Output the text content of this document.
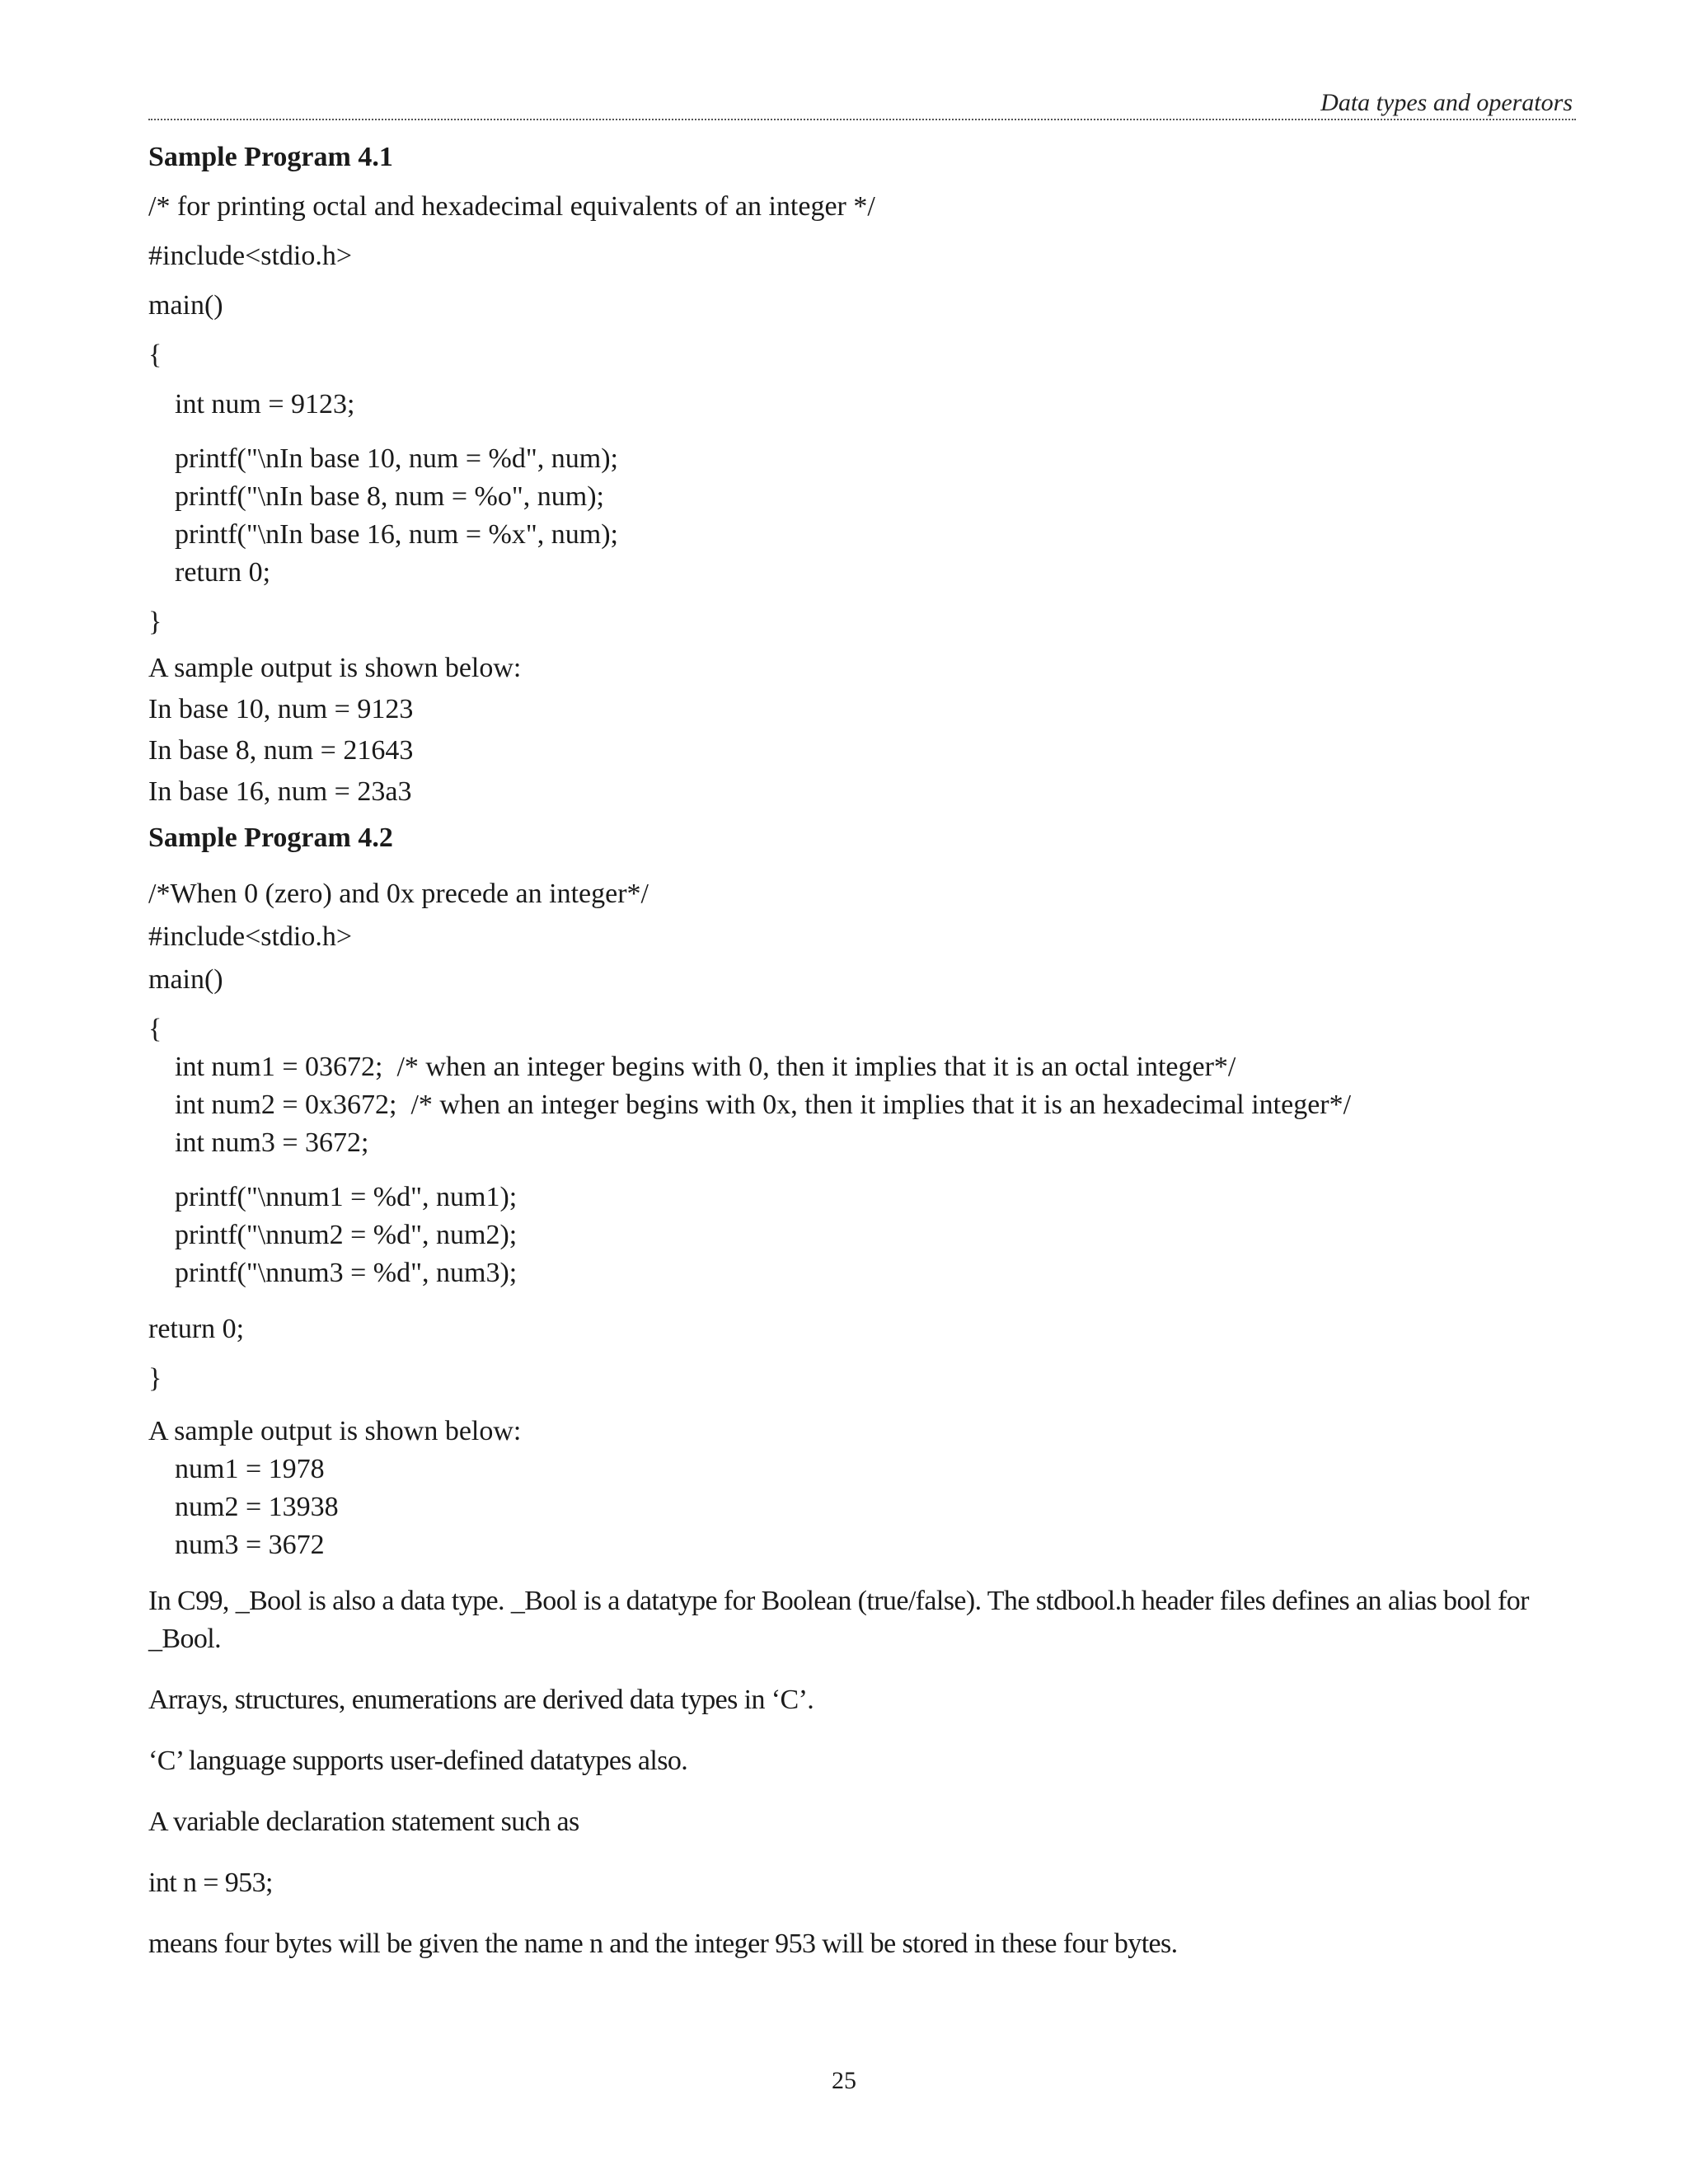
Data types and operators

Sample Program 4.1

/* for printing octal and hexadecimal equivalents of an integer */

#include<stdio.h>

main()

{

int num = 9123;

printf("\nIn base 10, num = %d", num);

printf("\nIn base 8, num = %o", num);

printf("\nIn base 16, num = %x", num);

return 0;

}

A sample output is shown below:

In base 10, num = 9123

In base 8, num = 21643

In base 16, num = 23a3

Sample Program 4.2

/*When 0 (zero) and 0x precede an integer*/

#include<stdio.h>

main()

{

int num1 = 03672;  /* when an integer begins with 0, then it implies that it is an octal integer*/

int num2 = 0x3672;  /* when an integer begins with 0x, then it implies that it is an hexadecimal integer*/

int num3 = 3672;

printf("\nnum1 = %d", num1);

printf("\nnum2 = %d", num2);

printf("\nnum3 = %d", num3);

return 0;

}

A sample output is shown below:

num1 = 1978

num2 = 13938

num3 = 3672

In C99, _Bool is also a data type. _Bool is a datatype for Boolean (true/false). The stdbool.h header files defines an alias bool for _Bool.

Arrays, structures, enumerations are derived data types in ‘C’.

‘C’ language supports user-defined datatypes also.

A variable declaration statement such as

int n = 953;

means four bytes will be given the name n and the integer 953 will be stored in these four bytes.

25
